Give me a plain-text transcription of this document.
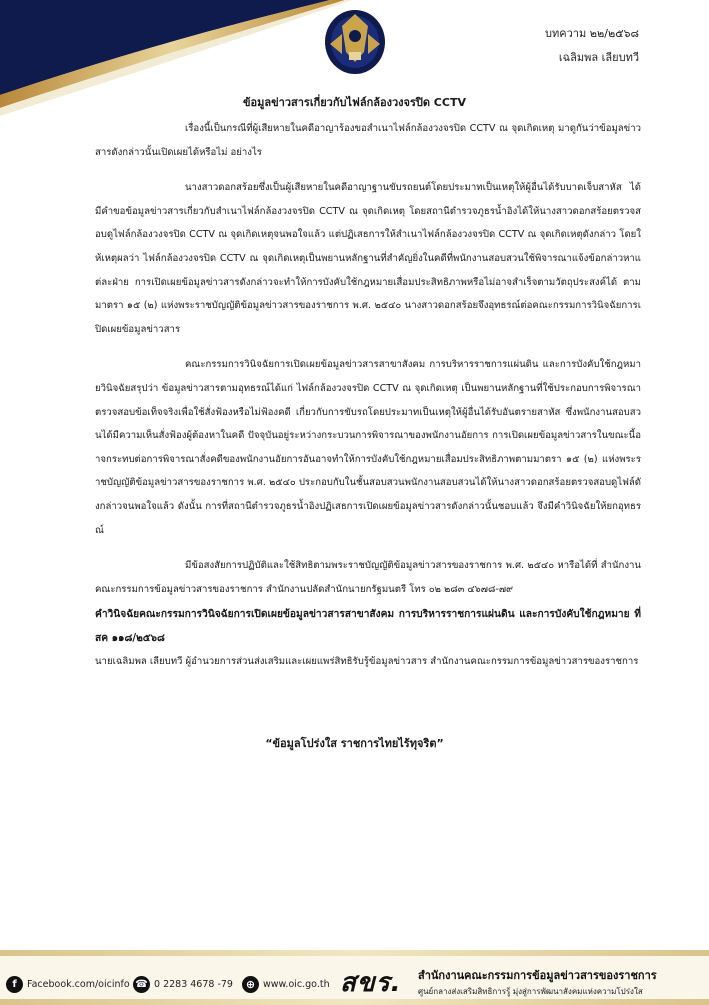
บทความ ๒๒/๒๕๖๘
เฉลิมพล เลียบทวี
ข้อมูลข่าวสารเกี่ยวกับไฟล์กล้องวงจรปิด CCTV

เรื่องนี้เป็นกรณีที่ผู้เสียหายในคดีอาญาร้องขอสำเนาไฟล์กล้องวงจรปิด CCTV ณ จุดเกิดเหตุ มาดูกันว่าข้อมูลข่าวสารดังกล่าวนั้นเปิดเผยได้หรือไม่ อย่างไร

นางสาวดอกสร้อยซึ่งเป็นผู้เสียหายในคดีอาญาฐานขับรถยนต์โดยประมาทเป็นเหตุให้ผู้อื่นได้รับบาดเจ็บสาหัส ได้มีคำขอข้อมูลข่าวสารเกี่ยวกับสำเนาไฟล์กล้องวงจรปิด CCTV ณ จุดเกิดเหตุ โดยสถานีตำรวจภูธรน้ำอิงได้ให้นางสาวดอกสร้อยตรวจสอบดูไฟล์กล้องวงจรปิด CCTV ณ จุดเกิดเหตุจนพอใจแล้ว แต่ปฏิเสธการให้สำเนาไฟล์กล้องวงจรปิด CCTV ณ จุดเกิดเหตุดังกล่าว โดยให้เหตุผลว่า ไฟล์กล้องวงจรปิด CCTV ณ จุดเกิดเหตุเป็นพยานหลักฐานที่สำคัญยิ่งในคดีที่พนักงานสอบสวนใช้พิจารณาแจ้งข้อกล่าวหาแต่ละฝ่าย การเปิดเผยข้อมูลข่าวสารดังกล่าวจะทำให้การบังคับใช้กฎหมายเสื่อมประสิทธิภาพหรือไม่อาจสำเร็จตามวัตถุประสงค์ได้ ตามมาตรา ๑๕ (๒) แห่งพระราชบัญญัติข้อมูลข่าวสารของราชการ พ.ศ. ๒๕๔๐ นางสาวดอกสร้อยจึงอุทธรณ์ต่อคณะกรรมการวินิจฉัยการเปิดเผยข้อมูลข่าวสาร

คณะกรรมการวินิจฉัยการเปิดเผยข้อมูลข่าวสารสาขาสังคม การบริหารราชการแผ่นดิน และการบังคับใช้กฎหมายวินิจฉัยสรุปว่า ข้อมูลข่าวสารตามอุทธรณ์ได้แก่ ไฟล์กล้องวงจรปิด CCTV ณ จุดเกิดเหตุ เป็นพยานหลักฐานที่ใช้ประกอบการพิจารณาตรวจสอบข้อเท็จจริงเพื่อใช้สั่งฟ้องหรือไม่ฟ้องคดี เกี่ยวกับการขับรถโดยประมาทเป็นเหตุให้ผู้อื่นได้รับอันตรายสาหัส ซึ่งพนักงานสอบสวนได้มีความเห็นสั่งฟ้องผู้ต้องหาในคดี ปัจจุบันอยู่ระหว่างกระบวนการพิจารณาของพนักงานอัยการ การเปิดเผยข้อมูลข่าวสารในขณะนี้อาจกระทบต่อการพิจารณาสั่งคดีของพนักงานอัยการอันอาจทำให้การบังคับใช้กฎหมายเสื่อมประสิทธิภาพตามมาตรา ๑๕ (๒) แห่งพระราชบัญญัติข้อมูลข่าวสารของราชการ พ.ศ. ๒๕๔๐ ประกอบกับในชั้นสอบสวนพนักงานสอบสวนได้ให้นางสาวดอกสร้อยตรวจสอบดูไฟล์ดังกล่าวจนพอใจแล้ว ดังนั้น การที่สถานีตำรวจภูธรน้ำอิงปฏิเสธการเปิดเผยข้อมูลข่าวสารดังกล่าวนั้นชอบแล้ว จึงมีคำวินิจฉัยให้ยกอุทธรณ์

มีข้อสงสัยการปฏิบัติและใช้สิทธิตามพระราชบัญญัติข้อมูลข่าวสารของราชการ พ.ศ. ๒๕๔๐ หารือได้ที่ สำนักงานคณะกรรมการข้อมูลข่าวสารของราชการ สำนักงานปลัดสำนักนายกรัฐมนตรี โทร ๐๒ ๒๘๓ ๔๖๗๘-๗๙

คำวินิจฉัยคณะกรรมการวินิจฉัยการเปิดเผยข้อมูลข่าวสารสาขาสังคม การบริหารราชการแผ่นดิน และการบังคับใช้กฎหมาย ที่ สค ๑๑๘/๒๕๖๘

นายเฉลิมพล เลียบทวี ผู้อำนวยการส่วนส่งเสริมและเผยแพร่สิทธิรับรู้ข้อมูลข่าวสาร สำนักงานคณะกรรมการข้อมูลข่าวสารของราชการ

“ข้อมูลโปร่งใส ราชการไทยไร้ทุจริต”
f	Facebook.com/oicinfo ☎ 0 2283 4678 -79	⊕ www.oic.go.th สขร. สำนักงานคณะกรรมการข้อมูลข่าวสารของราชการ
ศูนย์กลางส่งเสริมสิทธิการรู้ มุ่งสู่การพัฒนาสังคมแห่งความโปร่งใส
